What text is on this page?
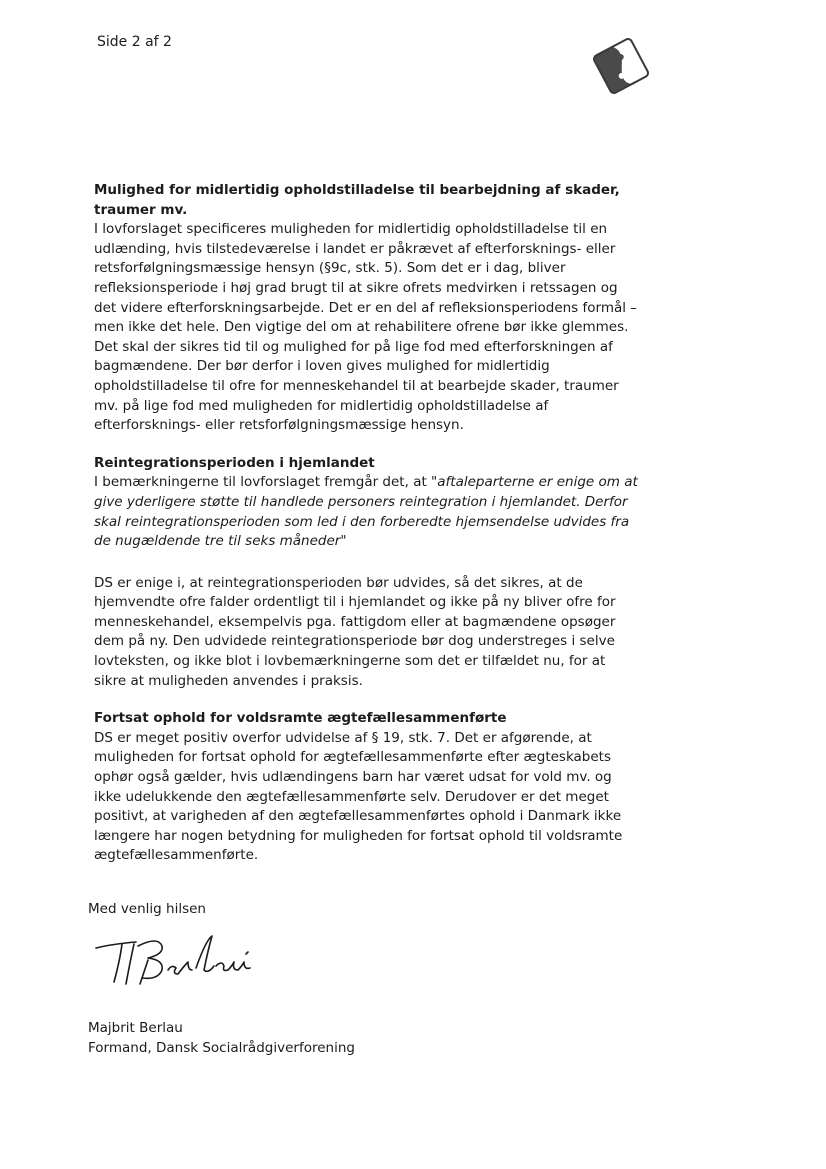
Side 2 af 2

Mulighed for midlertidig opholdstilladelse til bearbejdning af skader, traumer mv.

I lovforslaget specificeres muligheden for midlertidig opholdstilladelse til en udlænding, hvis tilstedeværelse i landet er påkrævet af efterforsknings- eller retsforfølgningsmæssige hensyn (§9c, stk. 5). Som det er i dag, bliver refleksionsperiode i høj grad brugt til at sikre ofrets medvirken i retssagen og det videre efterforskningsarbejde. Det er en del af refleksionsperiodens formål – men ikke det hele. Den vigtige del om at rehabilitere ofrene bør ikke glemmes. Det skal der sikres tid til og mulighed for på lige fod med efterforskningen af bagmændene. Der bør derfor i loven gives mulighed for midlertidig opholdstilladelse til ofre for menneskehandel til at bearbejde skader, traumer mv. på lige fod med muligheden for midlertidig opholdstilladelse af efterforsknings- eller retsforfølgningsmæssige hensyn.

Reintegrationsperioden i hjemlandet

I bemærkningerne til lovforslaget fremgår det, at "aftaleparterne er enige om at give yderligere støtte til handlede personers reintegration i hjemlandet. Derfor skal reintegrationsperioden som led i den forberedte hjemsendelse udvides fra de nugældende tre til seks måneder"

DS er enige i, at reintegrationsperioden bør udvides, så det sikres, at de hjemvendte ofre falder ordentligt til i hjemlandet og ikke på ny bliver ofre for menneskehandel, eksempelvis pga. fattigdom eller at bagmændene opsøger dem på ny. Den udvidede reintegrationsperiode bør dog understreges i selve lovteksten, og ikke blot i lovbemærkningerne som det er tilfældet nu, for at sikre at muligheden anvendes i praksis.

Fortsat ophold for voldsramte ægtefællesammenførte

DS er meget positiv overfor udvidelse af § 19, stk. 7. Det er afgørende, at muligheden for fortsat ophold for ægtefællesammenførte efter ægteskabets ophør også gælder, hvis udlændingens barn har været udsat for vold mv. og ikke udelukkende den ægtefællesammenførte selv. Derudover er det meget positivt, at varigheden af den ægtefællesammenførtes ophold i Danmark ikke længere har nogen betydning for muligheden for fortsat ophold til voldsramte ægtefællesammenførte.

Med venlig hilsen
Majbrit Berlau
Formand, Dansk Socialrådgiverforening
